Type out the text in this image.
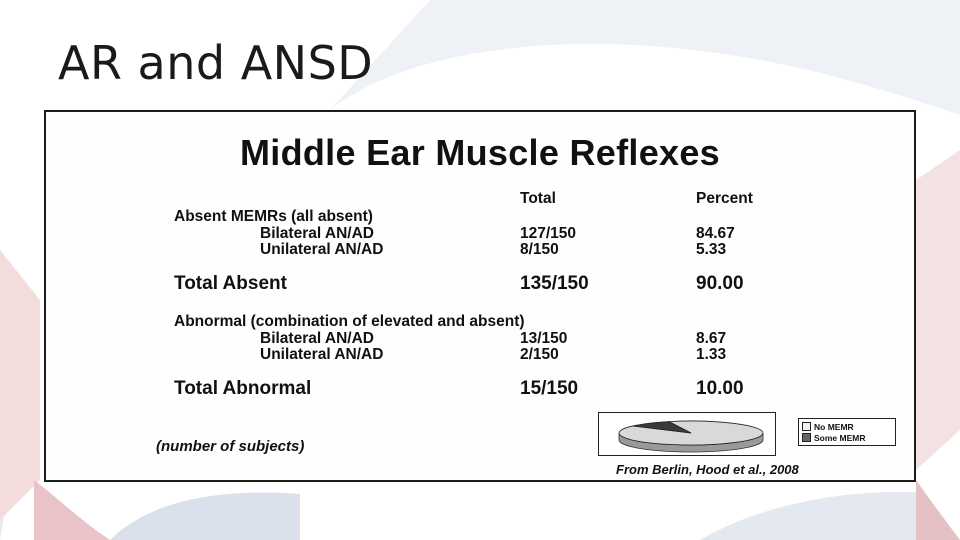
AR and ANSD
Middle Ear Muscle Reflexes
Total	Percent
Absent MEMRs (all absent)
Bilateral AN/AD	127/150	84.67
Unilateral AN/AD	8/150	5.33
Total Absent	135/150	90.00
Abnormal (combination of elevated and absent)
Bilateral AN/AD	13/150	8.67
Unilateral AN/AD	2/150	1.33
Total Abnormal	15/150	10.00
(number of subjects)
No MEMR
Some MEMR
From Berlin, Hood et al., 2008
